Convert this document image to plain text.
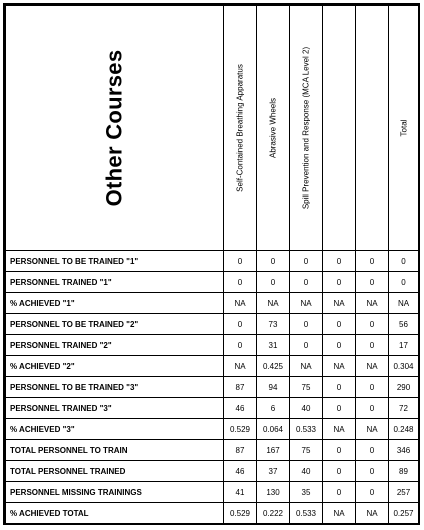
Other Courses	Self-Contained Breathing Apparatus	Abrasive Wheels	Spill Prevention and Response (MCA Level 2)			Total

PERSONNEL TO BE TRAINED "1"	0	0	0	0	0	0
PERSONNEL TRAINED "1"	0	0	0	0	0	0
% ACHIEVED "1"	NA	NA	NA	NA	NA	NA
PERSONNEL TO BE TRAINED "2"	0	73	0	0	0	56
PERSONNEL TRAINED "2"	0	31	0	0	0	17
% ACHIEVED "2"	NA	0.425	NA	NA	NA	0.304
PERSONNEL TO BE TRAINED "3"	87	94	75	0	0	290
PERSONNEL TRAINED "3"	46	6	40	0	0	72
% ACHIEVED "3"	0.529	0.064	0.533	NA	NA	0.248
TOTAL PERSONNEL TO TRAIN	87	167	75	0	0	346
TOTAL PERSONNEL TRAINED	46	37	40	0	0	89
PERSONNEL MISSING TRAININGS	41	130	35	0	0	257
% ACHIEVED TOTAL	0.529	0.222	0.533	NA	NA	0.257
